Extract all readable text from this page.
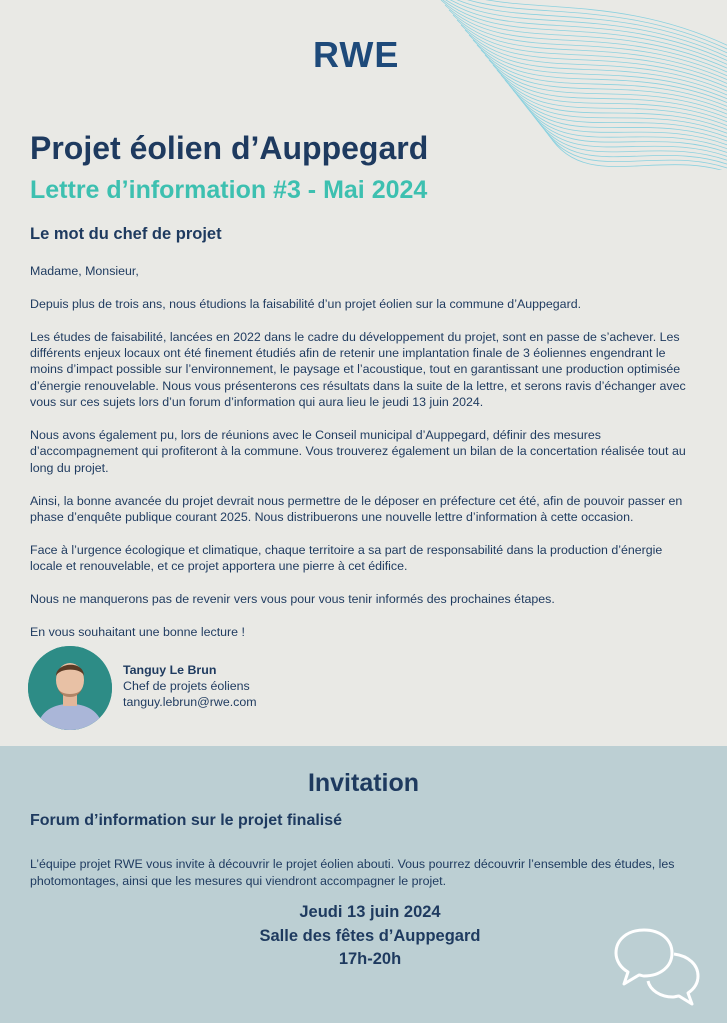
RWE
Projet éolien d’Auppegard
Lettre d’information #3 - Mai 2024
Le mot du chef de projet

Madame, Monsieur,

Depuis plus de trois ans, nous étudions la faisabilité d’un projet éolien sur la commune d’Auppegard.

Les études de faisabilité, lancées en 2022 dans le cadre du développement du projet, sont en passe de s’achever. Les différents enjeux locaux ont été finement étudiés afin de retenir une implantation finale de 3 éoliennes engendrant le moins d’impact possible sur l’environnement, le paysage et l’acoustique, tout en garantissant une production optimisée d’énergie renouvelable. Nous vous présenterons ces résultats dans la suite de la lettre, et serons ravis d’échanger avec vous sur ces sujets lors d’un forum d’information qui aura lieu le jeudi 13 juin 2024.

Nous avons également pu, lors de réunions avec le Conseil municipal d’Auppegard, définir des mesures d’accompagnement qui profiteront à la commune. Vous trouverez également un bilan de la concertation réalisée tout au long du projet.

Ainsi, la bonne avancée du projet devrait nous permettre de le déposer en préfecture cet été, afin de pouvoir passer en phase d’enquête publique courant 2025. Nous distribuerons une nouvelle lettre d’information à cette occasion.

Face à l’urgence écologique et climatique, chaque territoire a sa part de responsabilité dans la production d’énergie locale et renouvelable, et ce projet apportera une pierre à cet édifice.

Nous ne manquerons pas de revenir vers vous pour vous tenir informés des prochaines étapes.

En vous souhaitant une bonne lecture !

Tanguy Le Brun
Chef de projets éoliens
tanguy.lebrun@rwe.com
Invitation
Forum d’information sur le projet finalisé

L’équipe projet RWE vous invite à découvrir le projet éolien abouti. Vous pourrez découvrir l’ensemble des études, les photomontages, ainsi que les mesures qui viendront accompagner le projet.

Jeudi 13 juin 2024
Salle des fêtes d’Auppegard
17h-20h
